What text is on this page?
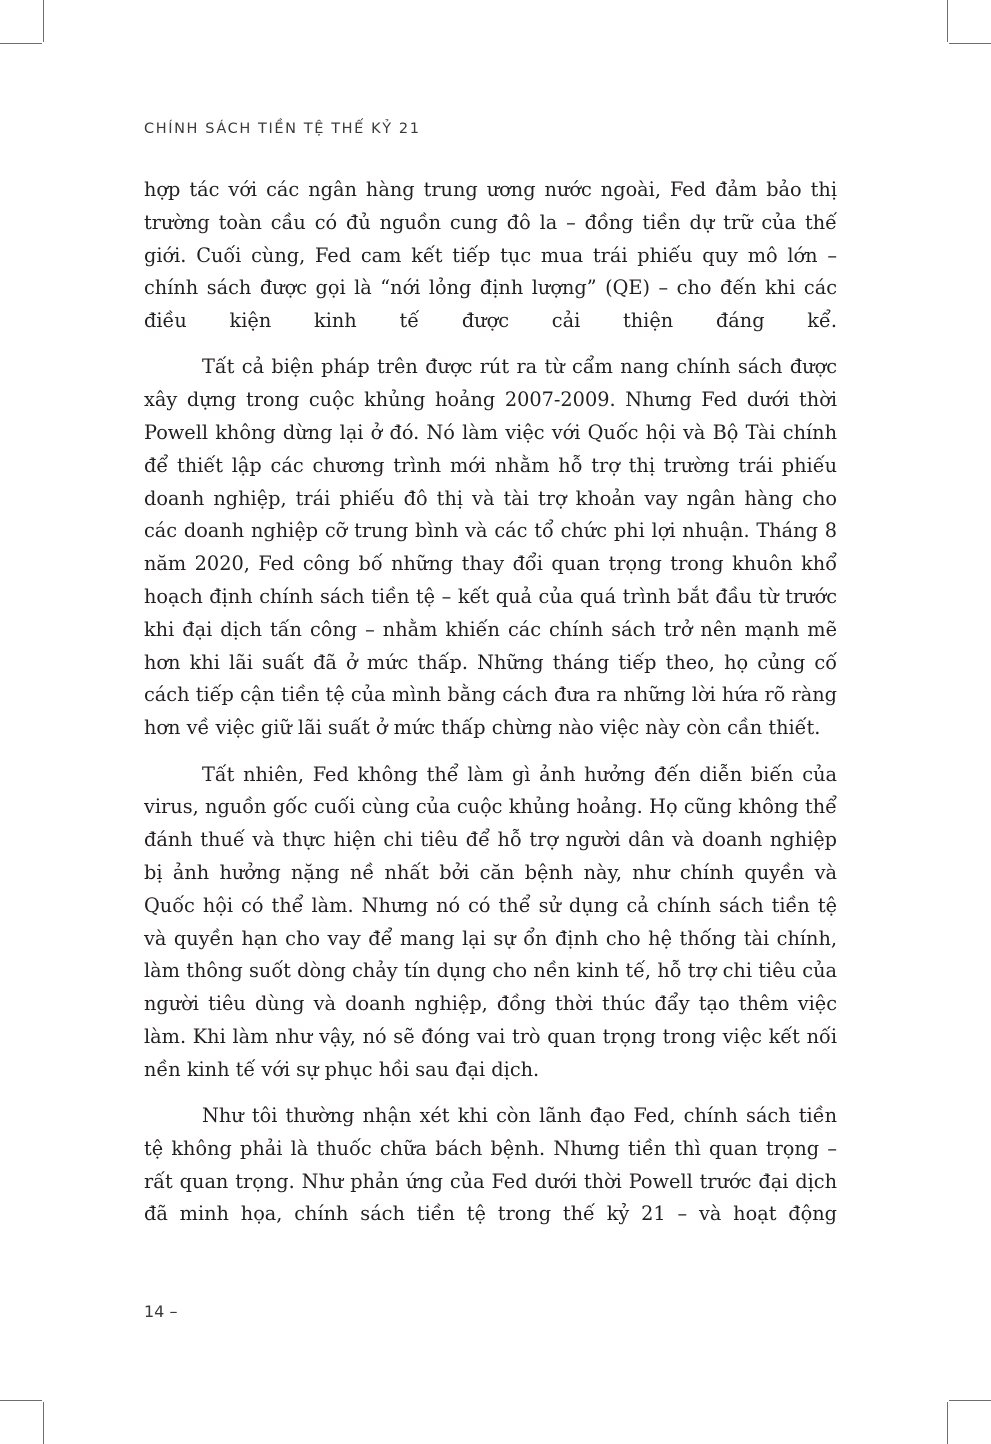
CHÍNH SÁCH TIỀN TỆ THẾ KỶ 21

hợp tác với các ngân hàng trung ương nước ngoài, Fed đảm bảo thị trường toàn cầu có đủ nguồn cung đô la – đồng tiền dự trữ của thế giới. Cuối cùng, Fed cam kết tiếp tục mua trái phiếu quy mô lớn – chính sách được gọi là “nới lỏng định lượng” (QE) – cho đến khi các điều kiện kinh tế được cải thiện đáng kể.

Tất cả biện pháp trên được rút ra từ cẩm nang chính sách được xây dựng trong cuộc khủng hoảng 2007-2009. Nhưng Fed dưới thời Powell không dừng lại ở đó. Nó làm việc với Quốc hội và Bộ Tài chính để thiết lập các chương trình mới nhằm hỗ trợ thị trường trái phiếu doanh nghiệp, trái phiếu đô thị và tài trợ khoản vay ngân hàng cho các doanh nghiệp cỡ trung bình và các tổ chức phi lợi nhuận. Tháng 8 năm 2020, Fed công bố những thay đổi quan trọng trong khuôn khổ hoạch định chính sách tiền tệ – kết quả của quá trình bắt đầu từ trước khi đại dịch tấn công – nhằm khiến các chính sách trở nên mạnh mẽ hơn khi lãi suất đã ở mức thấp. Những tháng tiếp theo, họ củng cố cách tiếp cận tiền tệ của mình bằng cách đưa ra những lời hứa rõ ràng hơn về việc giữ lãi suất ở mức thấp chừng nào việc này còn cần thiết.

Tất nhiên, Fed không thể làm gì ảnh hưởng đến diễn biến của virus, nguồn gốc cuối cùng của cuộc khủng hoảng. Họ cũng không thể đánh thuế và thực hiện chi tiêu để hỗ trợ người dân và doanh nghiệp bị ảnh hưởng nặng nề nhất bởi căn bệnh này, như chính quyền và Quốc hội có thể làm. Nhưng nó có thể sử dụng cả chính sách tiền tệ và quyền hạn cho vay để mang lại sự ổn định cho hệ thống tài chính, làm thông suốt dòng chảy tín dụng cho nền kinh tế, hỗ trợ chi tiêu của người tiêu dùng và doanh nghiệp, đồng thời thúc đẩy tạo thêm việc làm. Khi làm như vậy, nó sẽ đóng vai trò quan trọng trong việc kết nối nền kinh tế với sự phục hồi sau đại dịch.

Như tôi thường nhận xét khi còn lãnh đạo Fed, chính sách tiền tệ không phải là thuốc chữa bách bệnh. Nhưng tiền thì quan trọng – rất quan trọng. Như phản ứng của Fed dưới thời Powell trước đại dịch đã minh họa, chính sách tiền tệ trong thế kỷ 21 – và hoạt động

14 –
